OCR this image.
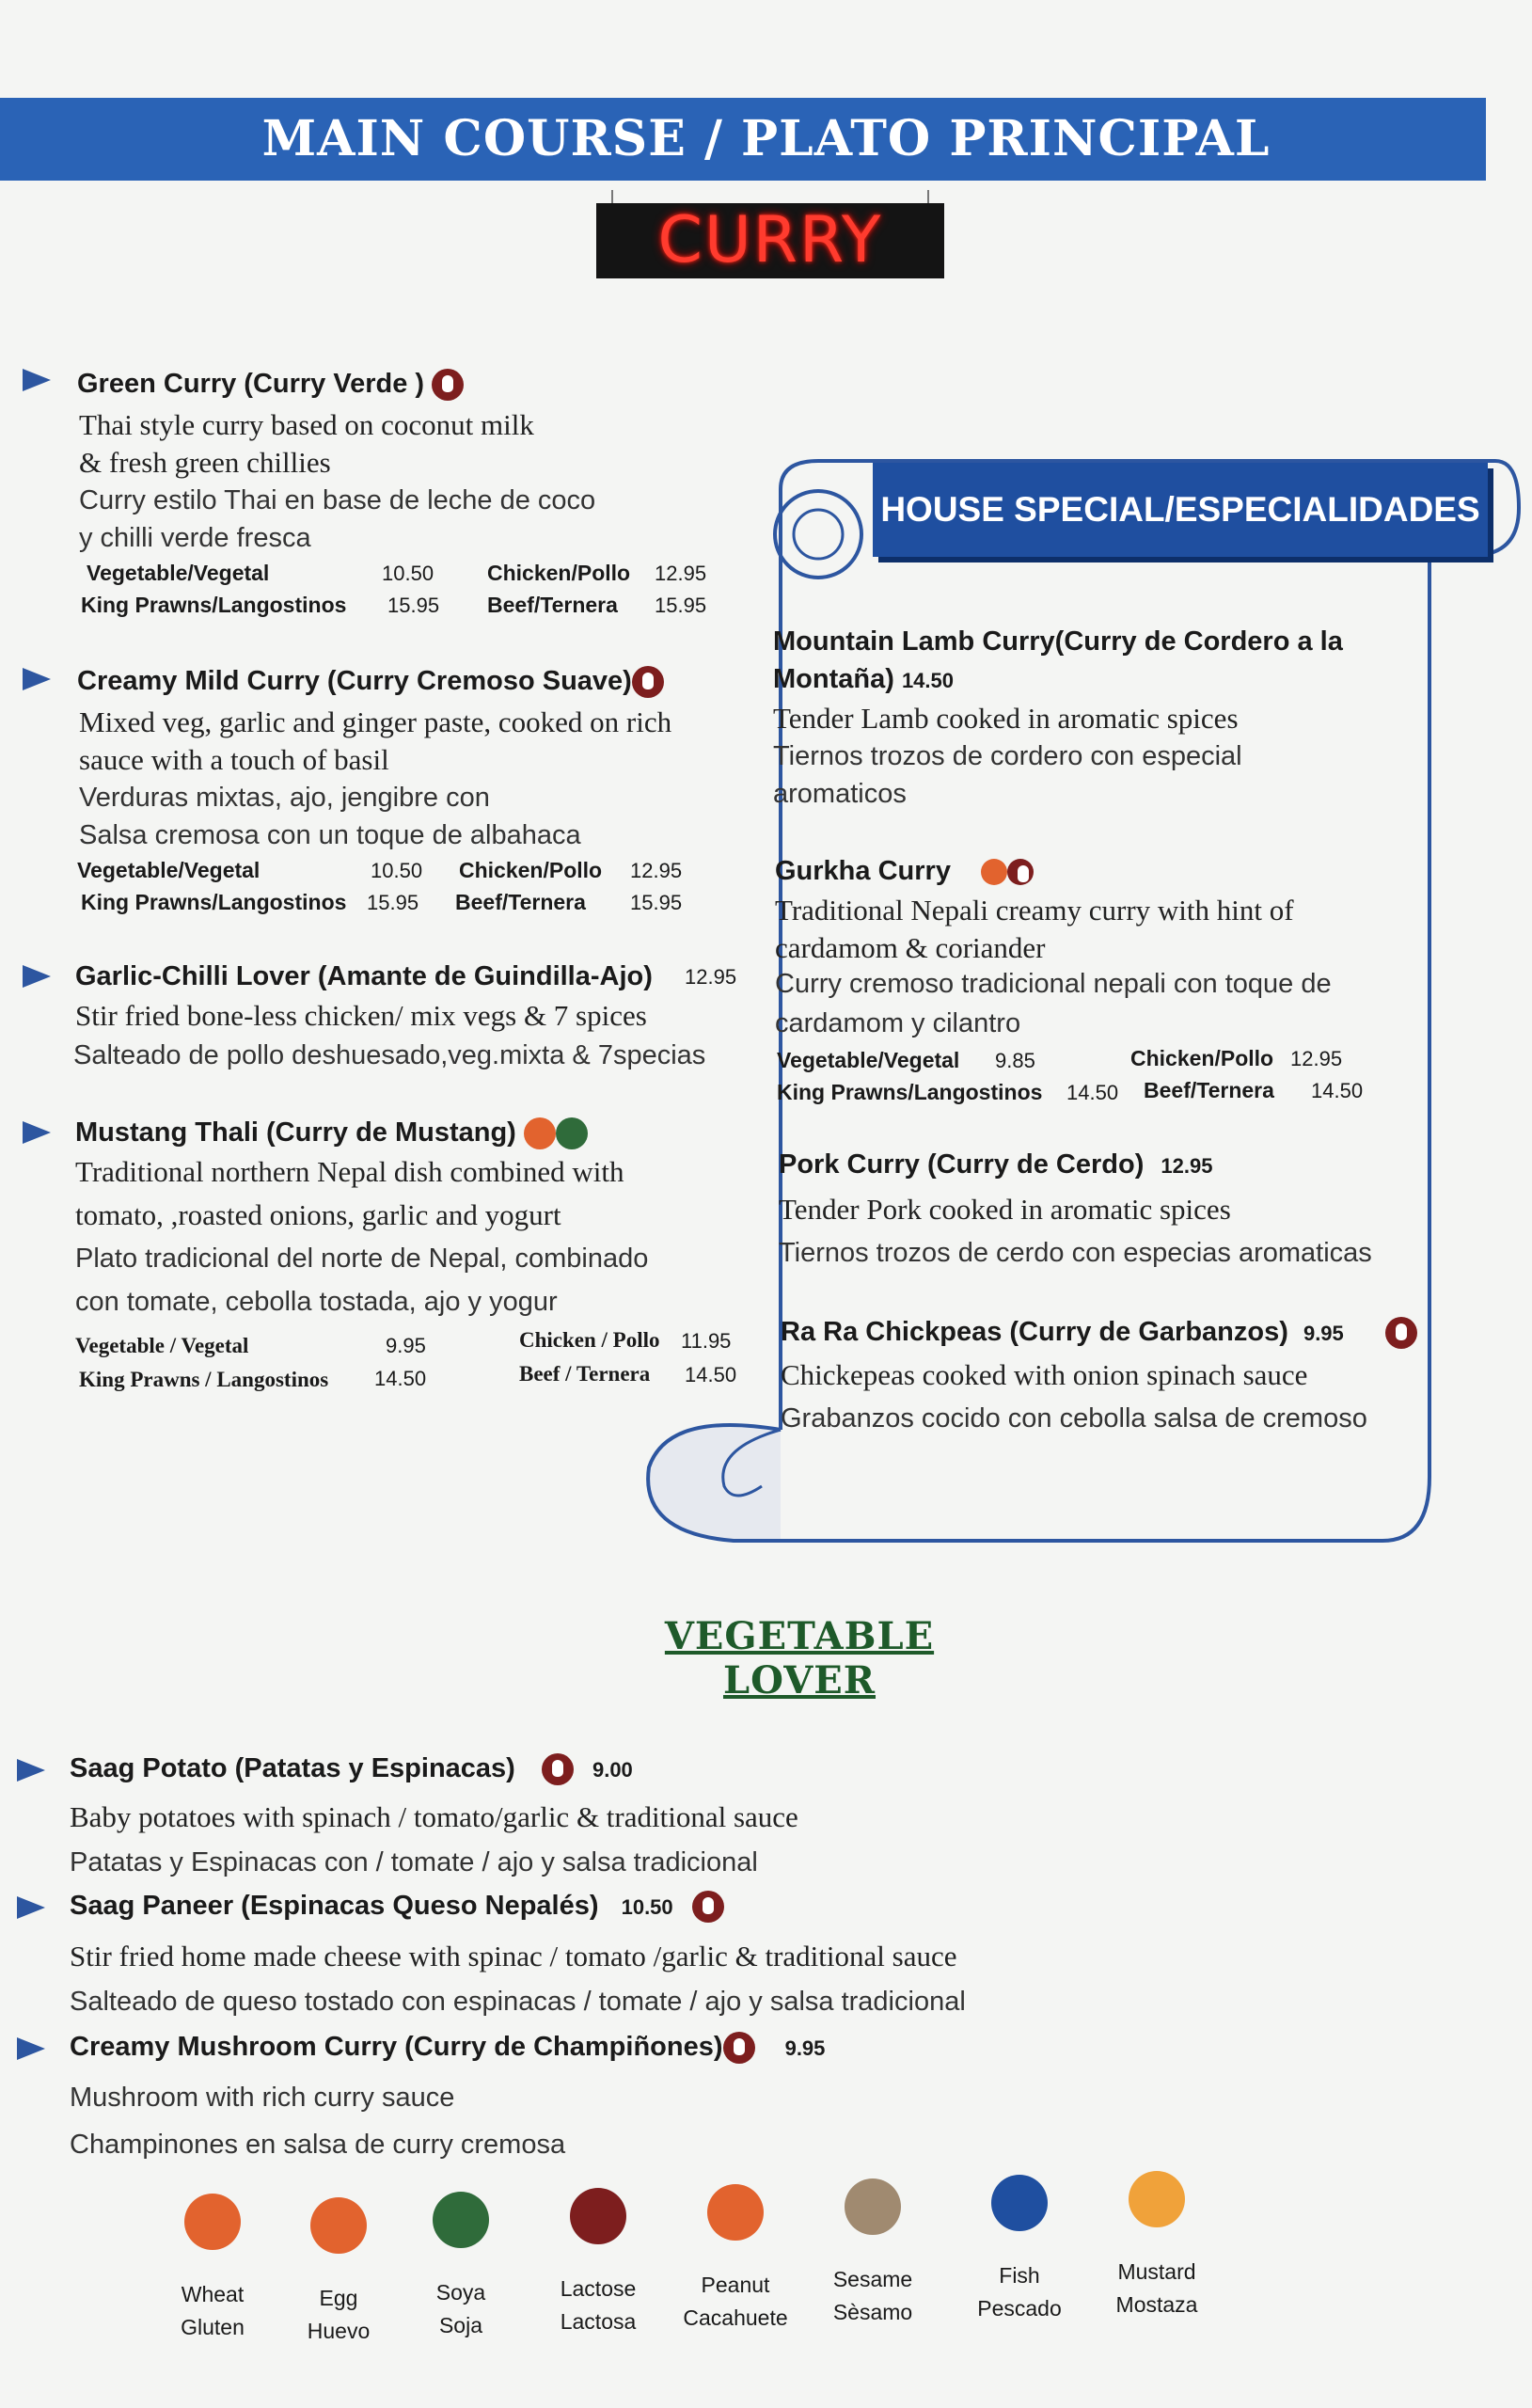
MAIN COURSE / PLATO PRINCIPAL
CURRY
Green Curry (Curry Verde )
Thai style curry based on coconut milk
& fresh green chillies
Curry estilo Thai en base de leche de coco
y chilli verde fresca
Vegetable/Vegetal	10.50 Chicken/Pollo 12.95
King Prawns/Langostinos 15.95 Beef/Ternera 15.95
Creamy Mild Curry (Curry Cremoso Suave)
Mixed veg, garlic and ginger paste, cooked on rich
sauce with a touch of basil
Verduras mixtas, ajo, jengibre con
Salsa cremosa con un toque de albahaca
Vegetable/Vegetal	10.50 Chicken/Pollo 12.95
King Prawns/Langostinos 15.95 Beef/Ternera 15.95
Garlic-Chilli Lover (Amante de Guindilla-Ajo) 12.95
Stir fried bone-less chicken/ mix vegs & 7 spices
Salteado de pollo deshuesado,veg.mixta & 7specias
Mustang Thali (Curry de Mustang)
Traditional northern Nepal dish combined with
tomato, ,roasted onions, garlic and yogurt
Plato tradicional del norte de Nepal, combinado
con tomate, cebolla tostada, ajo y yogur
Vegetable / Vegetal	9.95	Chicken / Pollo 11.95
King Prawns / Langostinos 14.50	Beef / Ternera 14.50
HOUSE SPECIAL/ESPECIALIDADES
Mountain Lamb Curry(Curry de Cordero a la
Montaña) 14.50
Tender Lamb cooked in aromatic spices
Tiernos trozos de cordero con especial
aromaticos
Gurkha Curry
Traditional Nepali creamy curry with hint of
cardamom & coriander
Curry cremoso tradicional nepali con toque de
cardamom y cilantro
Vegetable/Vegetal 9.85	Chicken/Pollo 12.95
King Prawns/Langostinos 14.50 Beef/Ternera 14.50
Pork Curry (Curry de Cerdo) 12.95
Tender Pork cooked in aromatic spices
Tiernos trozos de cerdo con especias aromaticas
Ra Ra Chickpeas (Curry de Garbanzos) 9.95
Chickepeas cooked with onion spinach sauce
Grabanzos cocido con cebolla salsa de cremoso
VEGETABLE LOVER
Saag Potato (Patatas y Espinacas)	9.00
Baby potatoes with spinach / tomato/garlic & traditional sauce
Patatas y Espinacas con / tomate / ajo y salsa tradicional
Saag Paneer (Espinacas Queso Nepalés) 10.50
Stir fried home made cheese with spinac / tomato /garlic & traditional sauce
Salteado de queso tostado con espinacas / tomate / ajo y salsa tradicional
Creamy Mushroom Curry (Curry de Champiñones)	9.95
Mushroom with rich curry sauce
Champinones en salsa de curry cremosa
Wheat
Gluten
Egg
Huevo
Soya
Soja
Lactose
Lactosa
Peanut
Cacahuete
Sesame
Sèsamo
Fish
Pescado
Mustard
Mostaza
